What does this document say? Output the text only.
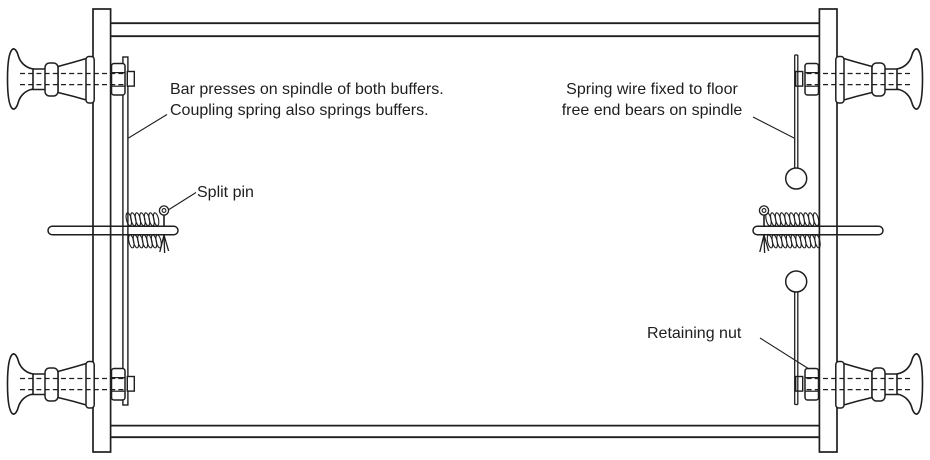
Bar presses on spindle of both buffers.
Coupling spring also springs buffers.
Spring wire fixed to floor
free end bears on spindle
Split pin
Retaining nut
